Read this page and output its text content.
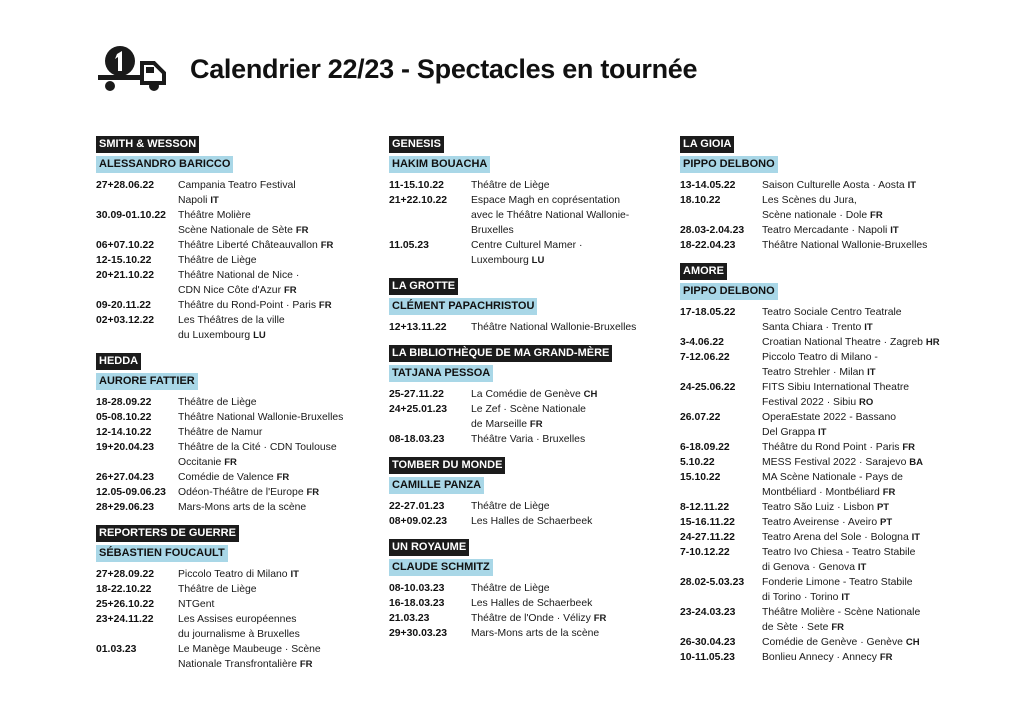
Calendrier 22/23 - Spectacles en tournée
SMITH & WESSON
ALESSANDRO BARICCO
27+28.06.22	Campania Teatro Festival
Napoli IT
30.09-01.10.22	Théâtre Molière
Scène Nationale de Sète FR
06+07.10.22	Théâtre Liberté Châteauvallon FR
12-15.10.22	Théâtre de Liège
20+21.10.22	Théâtre National de Nice ·
CDN Nice Côte d'Azur FR
09-20.11.22	Théâtre du Rond-Point · Paris FR
02+03.12.22	Les Théâtres de la ville
du Luxembourg LU
HEDDA
AURORE FATTIER
18-28.09.22	Théâtre de Liège
05-08.10.22	Théâtre National Wallonie-Bruxelles
12-14.10.22	Théâtre de Namur
19+20.04.23	Théâtre de la Cité · CDN Toulouse
Occitanie FR
26+27.04.23	Comédie de Valence FR
12.05-09.06.23	Odéon-Théâtre de l'Europe FR
28+29.06.23	Mars-Mons arts de la scène
REPORTERS DE GUERRE
SÉBASTIEN FOUCAULT
27+28.09.22	Piccolo Teatro di Milano IT
18-22.10.22	Théâtre de Liège
25+26.10.22	NTGent
23+24.11.22	Les Assises européennes
du journalisme à Bruxelles
01.03.23	Le Manège Maubeuge · Scène
Nationale Transfrontalière FR
GENESIS
HAKIM BOUACHA
11-15.10.22	Théâtre de Liège
21+22.10.22	Espace Magh en coprésentation
avec le Théâtre National Wallonie-
Bruxelles
11.05.23	Centre Culturel Mamer ·
Luxembourg LU
LA GROTTE
CLÉMENT PAPACHRISTOU
12+13.11.22	Théâtre National Wallonie-Bruxelles
LA BIBLIOTHÈQUE DE MA GRAND-MÈRE
TATJANA PESSOA
25-27.11.22	La Comédie de Genève CH
24+25.01.23	Le Zef · Scène Nationale
de Marseille FR
08-18.03.23	Théâtre Varia · Bruxelles
TOMBER DU MONDE
CAMILLE PANZA
22-27.01.23	Théâtre de Liège
08+09.02.23	Les Halles de Schaerbeek
UN ROYAUME
CLAUDE SCHMITZ
08-10.03.23	Théâtre de Liège
16-18.03.23	Les Halles de Schaerbeek
21.03.23	Théâtre de l'Onde · Vélizy FR
29+30.03.23	Mars-Mons arts de la scène
LA GIOIA
PIPPO DELBONO
13-14.05.22	Saison Culturelle Aosta · Aosta IT
18.10.22	Les Scènes du Jura,
Scène nationale · Dole FR
28.03-2.04.23	Teatro Mercadante · Napoli IT
18-22.04.23	Théâtre National Wallonie-Bruxelles
AMORE
PIPPO DELBONO
17-18.05.22	Teatro Sociale Centro Teatrale
Santa Chiara · Trento IT
3-4.06.22	Croatian National Theatre · Zagreb HR
7-12.06.22	Piccolo Teatro di Milano -
Teatro Strehler · Milan IT
24-25.06.22	FITS Sibiu International Theatre
Festival 2022 · Sibiu RO
26.07.22	OperaEstate 2022 - Bassano
Del Grappa IT
6-18.09.22	Théâtre du Rond Point · Paris FR
5.10.22	MESS Festival 2022 · Sarajevo BA
15.10.22	MA Scène Nationale - Pays de
Montbéliard · Montbéliard FR
8-12.11.22	Teatro São Luiz · Lisbon PT
15-16.11.22	Teatro Aveirense · Aveiro PT
24-27.11.22	Teatro Arena del Sole · Bologna IT
7-10.12.22	Teatro Ivo Chiesa - Teatro Stabile
di Genova · Genova IT
28.02-5.03.23	Fonderie Limone - Teatro Stabile
di Torino · Torino IT
23-24.03.23	Théâtre Molière - Scène Nationale
de Sète · Sete FR
26-30.04.23	Comédie de Genève · Genève CH
10-11.05.23	Bonlieu Annecy · Annecy FR
